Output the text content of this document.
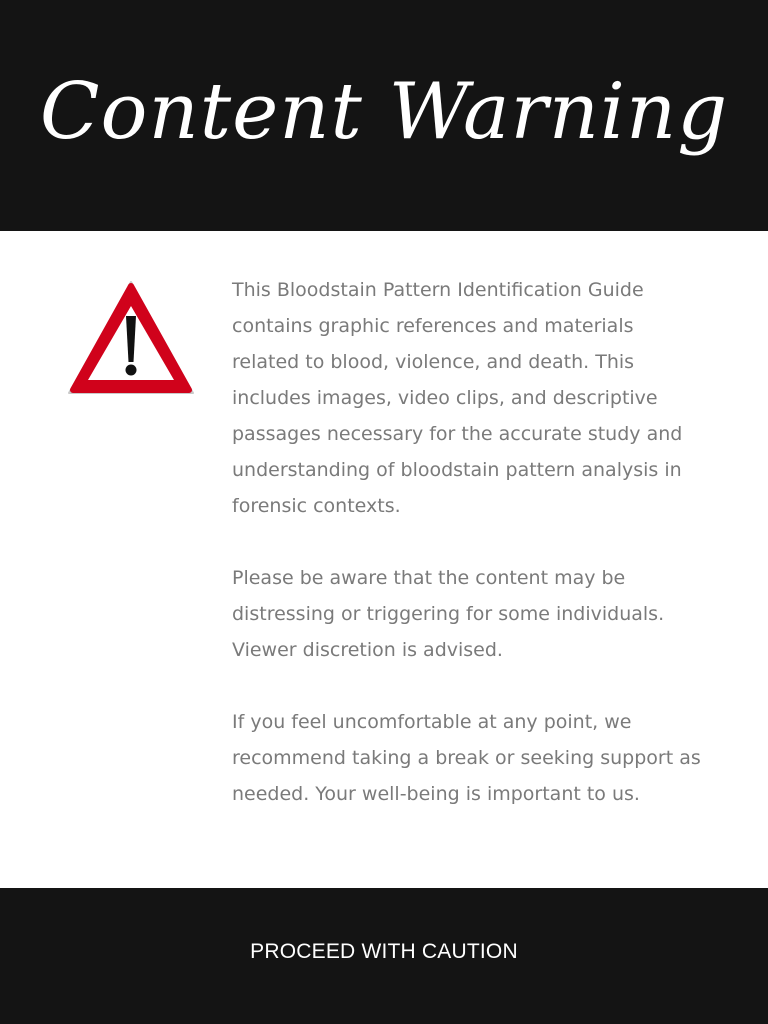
Content Warning

This Bloodstain Pattern Identification Guide contains graphic references and materials related to blood, violence, and death. This includes images, video clips, and descriptive passages necessary for the accurate study and understanding of bloodstain pattern analysis in forensic contexts.

Please be aware that the content may be distressing or triggering for some individuals. Viewer discretion is advised.

If you feel uncomfortable at any point, we recommend taking a break or seeking support as needed. Your well-being is important to us.

PROCEED WITH CAUTION
